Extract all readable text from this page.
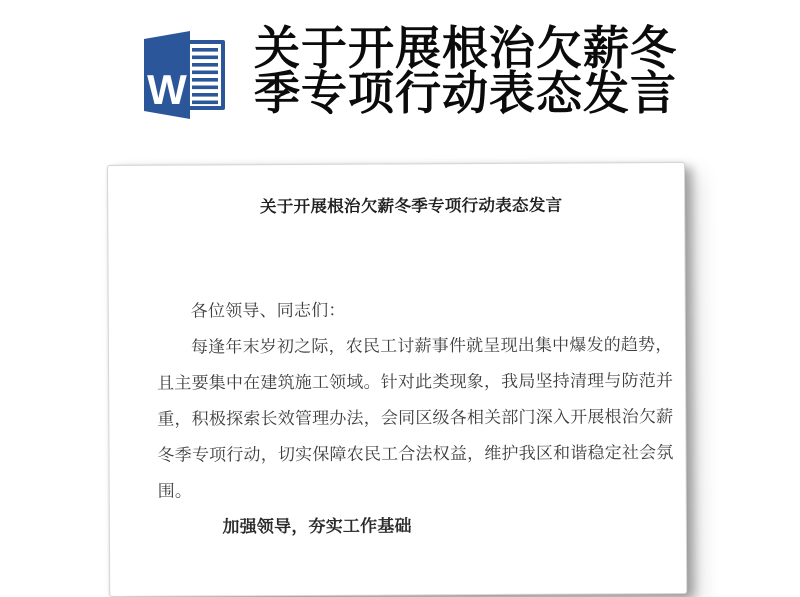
W
关于开展根治欠薪冬
季专项行动表态发言
关于开展根治欠薪冬季专项行动表态发言
各位领导、同志们：
每逢年末岁初之际，农民工讨薪事件就呈现出集中爆发的趋势，
且主要集中在建筑施工领域。针对此类现象，我局坚持清理与防范并
重，积极探索长效管理办法，会同区级各相关部门深入开展根治欠薪
冬季专项行动，切实保障农民工合法权益，维护我区和谐稳定社会氛
围。
加强领导，夯实工作基础
